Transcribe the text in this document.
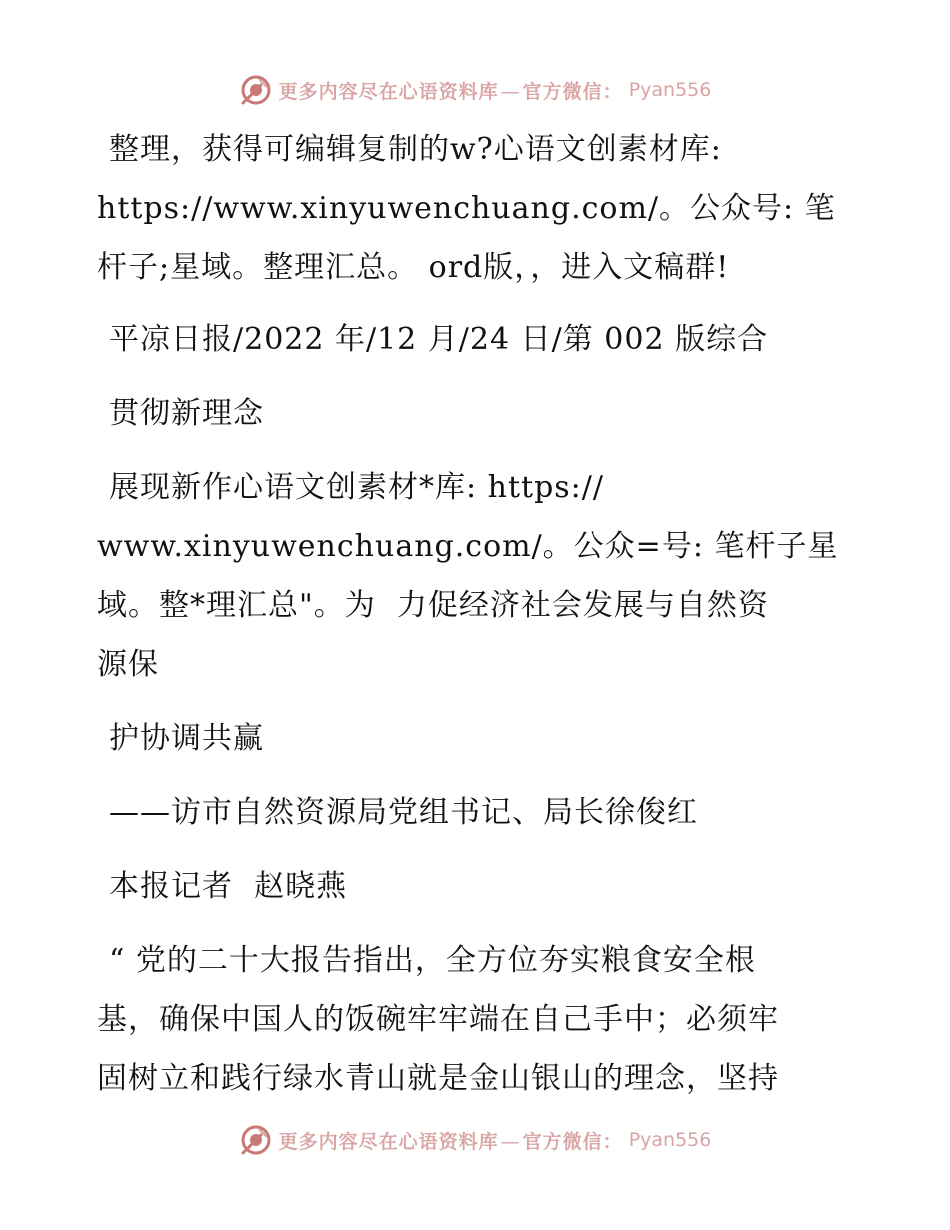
更多内容尽在心语资料库 — 官方微信： Pyan556
整理，获得可编辑复制的w?心语文创素材库:
https://www.xinyuwenchuang.com/。公众号: 笔
杆子;星域。整理汇总。 ord版，，进入文稿群!
平凉日报/2022 年/12 月/24 日/第 002 版综合
贯彻新理念
展现新作心语文创素材*库: https://
www.xinyuwenchuang.com/。公众=号: 笔杆子星
域。整*理汇总"。为  力促经济社会发展与自然资
源保
护协调共赢
——访市自然资源局党组书记、局长徐俊红
本报记者  赵晓燕
“ 党的二十大报告指出，全方位夯实粮食安全根
基，确保中国人的饭碗牢牢端在自己手中；必须牢
固树立和践行绿水青山就是金山银山的理念，坚持
更多内容尽在心语资料库 — 官方微信： Pyan556
